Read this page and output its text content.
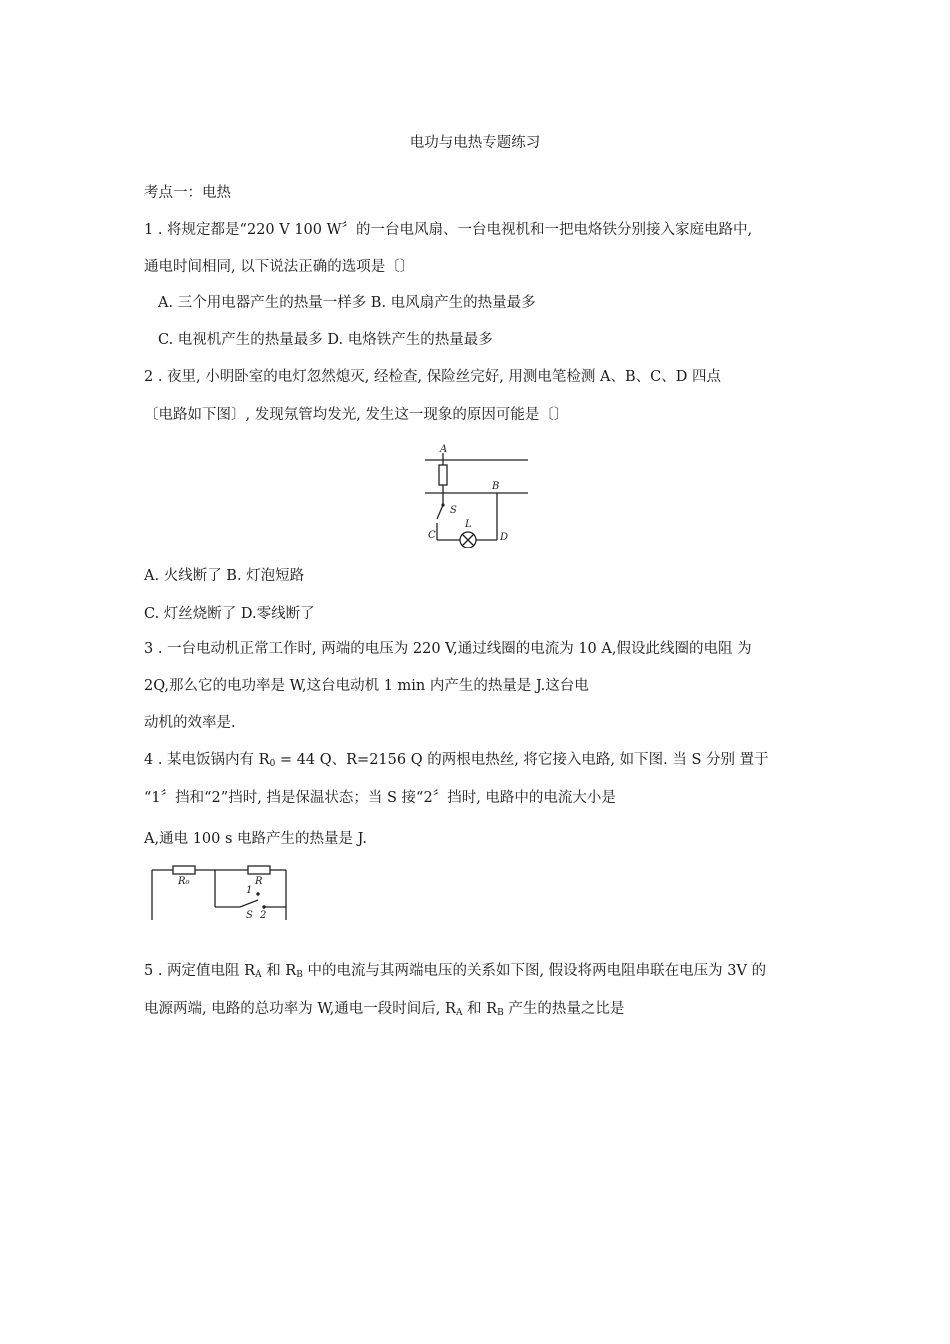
电功与电热专题练习
考点一：电热
1 . 将规定都是“220 V 100 W〞的一台电风扇、一台电视机和一把电烙铁分别接入家庭电路中,
通电时间相同, 以下说法正确的选项是〔〕
A. 三个用电器产生的热量一样多 B. 电风扇产生的热量最多
C. 电视机产生的热量最多 D. 电烙铁产生的热量最多
2 . 夜里, 小明卧室的电灯忽然熄灭, 经检查, 保险丝完好, 用测电笔检测 A、B、C、D 四点
〔电路如下图〕, 发现氖管均发光, 发生这一现象的原因可能是〔〕
A
B
S
L
C	D
A. 火线断了 B. 灯泡短路
C. 灯丝烧断了 D.零线断了
3 . 一台电动机正常工作时, 两端的电压为 220 V,通过线圈的电流为 10 A,假设此线圈的电阻 为
2Q,那么它的电功率是 W,这台电动机 1 min 内产生的热量是 J.这台电
动机的效率是.
4 . 某电饭锅内有 $R_0 = 44$ Q、R=2156 Q 的两根电热丝, 将它接入电路, 如下图. 当 S 分别 置于
“1〞挡和“2”挡时, 挡是保温状态；当 S 接“2〞挡时, 电路中的电流大小是
A,通电 100 s 电路产生的热量是 J.
R₀	R
1
S 2
5 . 两定值电阻 $R_A$ 和 $R_B$ 中的电流与其两端电压的关系如下图, 假设将两电阻串联在电压为 3V 的
电源两端, 电路的总功率为 W,通电一段时间后, $R_A$ 和 $R_B$ 产生的热量之比是
